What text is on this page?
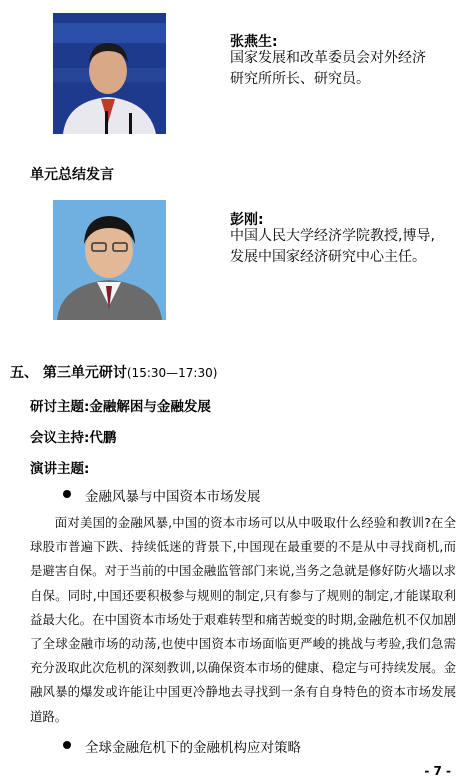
张燕生:
国家发展和改革委员会对外经济
研究所所长、研究员。
单元总结发言
彭刚:
中国人民大学经济学院教授,博导,
发展中国家经济研究中心主任。
五、 第三单元研讨(15:30—17:30)
研讨主题:金融解困与金融发展
会议主持:代鹏
演讲主题:
金融风暴与中国资本市场发展
面对美国的金融风暴,中国的资本市场可以从中吸取什么经验和教训?在全球股市普遍下跌、持续低迷的背景下,中国现在最重要的不是从中寻找商机,而是避害自保。对于当前的中国金融监管部门来说,当务之急就是修好防火墙以求自保。同时,中国还要积极参与规则的制定,只有参与了规则的制定,才能谋取利益最大化。在中国资本市场处于艰难转型和痛苦蜕变的时期,金融危机不仅加剧了全球金融市场的动荡,也使中国资本市场面临更严峻的挑战与考验,我们急需充分汲取此次危机的深刻教训,以确保资本市场的健康、稳定与可持续发展。金融风暴的爆发或许能让中国更冷静地去寻找到一条有自身特色的资本市场发展道路。
全球金融危机下的金融机构应对策略
- 7 -
